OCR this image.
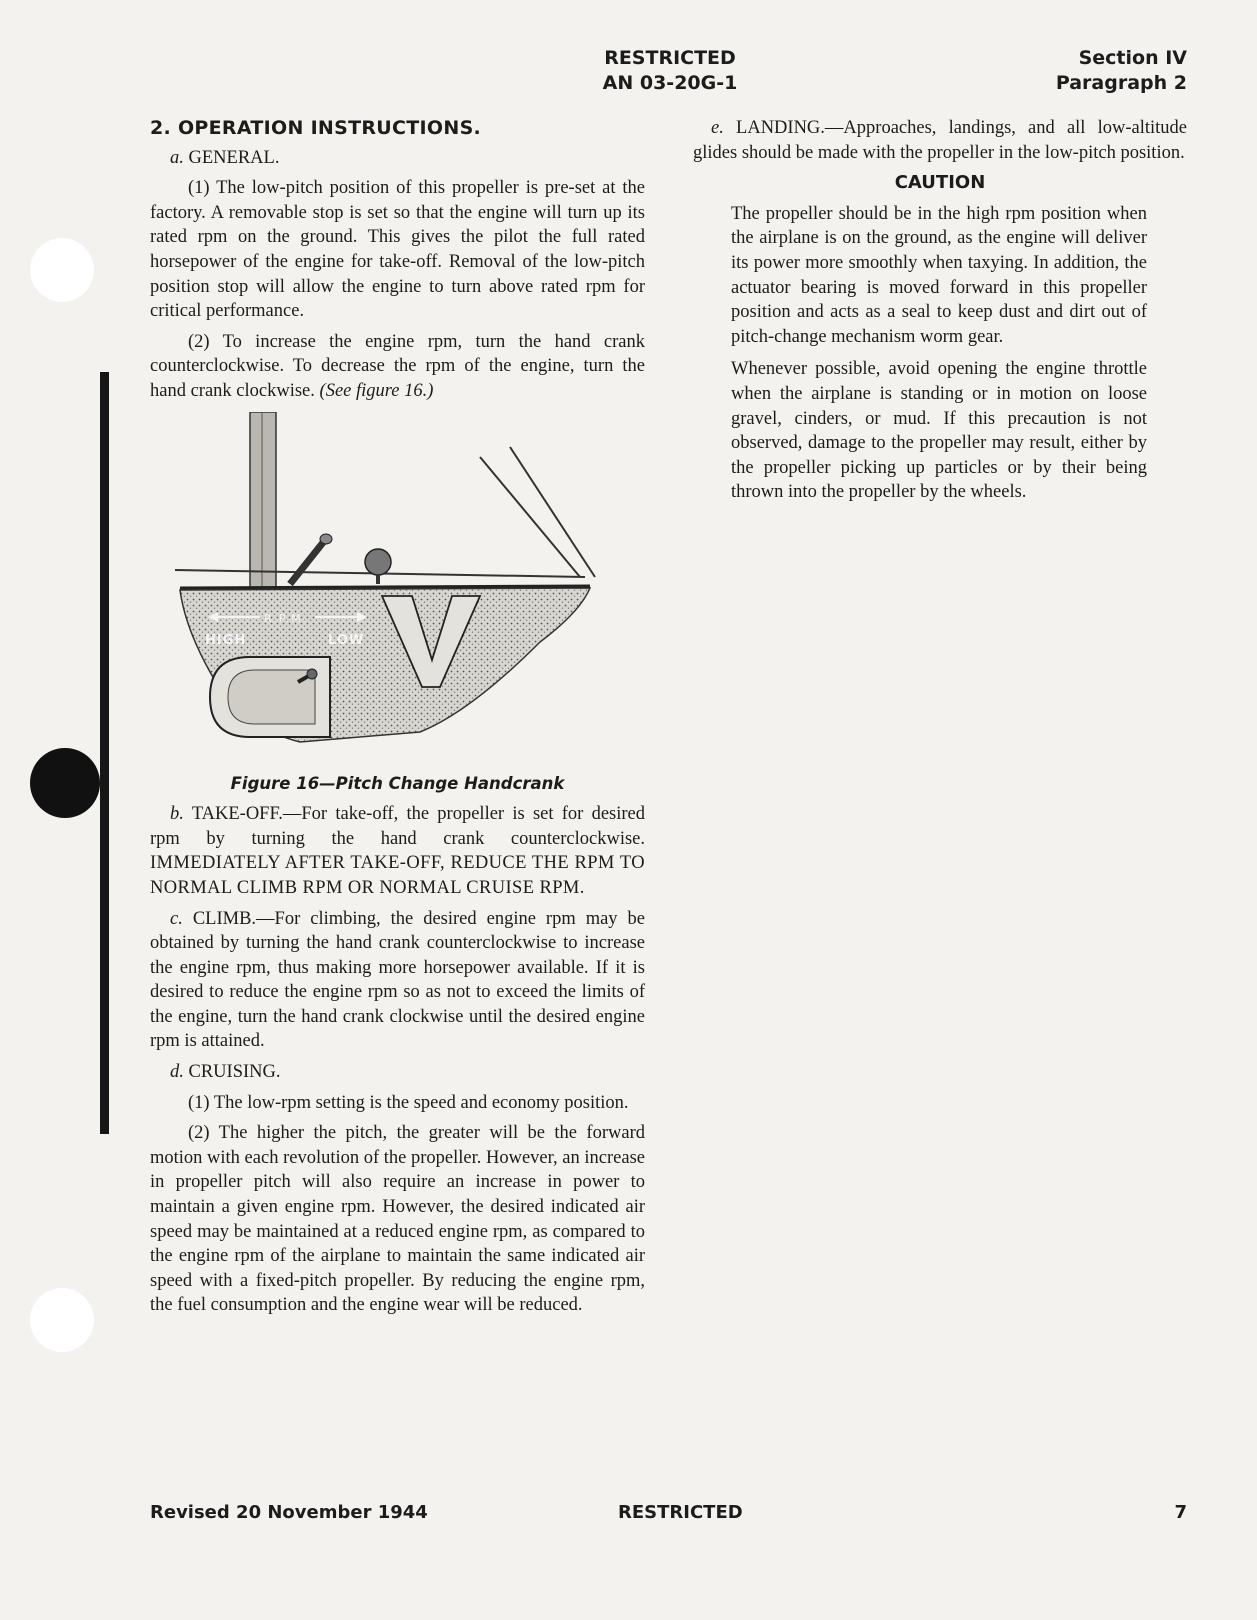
RESTRICTED
AN 03-20G-1
Section IV
Paragraph 2
2. OPERATION INSTRUCTIONS.

a. GENERAL.

(1) The low-pitch position of this propeller is pre-set at the factory. A removable stop is set so that the engine will turn up its rated rpm on the ground. This gives the pilot the full rated horsepower of the engine for take-off. Removal of the low-pitch position stop will allow the engine to turn above rated rpm for critical performance.

(2) To increase the engine rpm, turn the hand crank counterclockwise. To decrease the rpm of the engine, turn the hand crank clockwise. (See figure 16.)

R.P.M.
HIGH	LOW
Figure 16—Pitch Change Handcrank

b. TAKE-OFF.—For take-off, the propeller is set for desired rpm by turning the hand crank counterclockwise. IMMEDIATELY AFTER TAKE-OFF, REDUCE THE RPM TO NORMAL CLIMB RPM OR NORMAL CRUISE RPM.

c. CLIMB.—For climbing, the desired engine rpm may be obtained by turning the hand crank counterclockwise to increase the engine rpm, thus making more horsepower available. If it is desired to reduce the engine rpm so as not to exceed the limits of the engine, turn the hand crank clockwise until the desired engine rpm is attained.

d. CRUISING.

(1) The low-rpm setting is the speed and economy position.

(2) The higher the pitch, the greater will be the forward motion with each revolution of the propeller. However, an increase in propeller pitch will also require an increase in power to maintain a given engine rpm. However, the desired indicated air speed may be maintained at a reduced engine rpm, as compared to the engine rpm of the airplane to maintain the same indicated air speed with a fixed-pitch propeller. By reducing the engine rpm, the fuel consumption and the engine wear will be reduced.

e. LANDING.—Approaches, landings, and all low-altitude glides should be made with the propeller in the low-pitch position.

CAUTION

The propeller should be in the high rpm position when the airplane is on the ground, as the engine will deliver its power more smoothly when taxying. In addition, the actuator bearing is moved forward in this propeller position and acts as a seal to keep dust and dirt out of pitch-change mechanism worm gear.

Whenever possible, avoid opening the engine throttle when the airplane is standing or in motion on loose gravel, cinders, or mud. If this precaution is not observed, damage to the propeller may result, either by the propeller picking up particles or by their being thrown into the propeller by the wheels.

Revised 20 November 1944	RESTRICTED	7
